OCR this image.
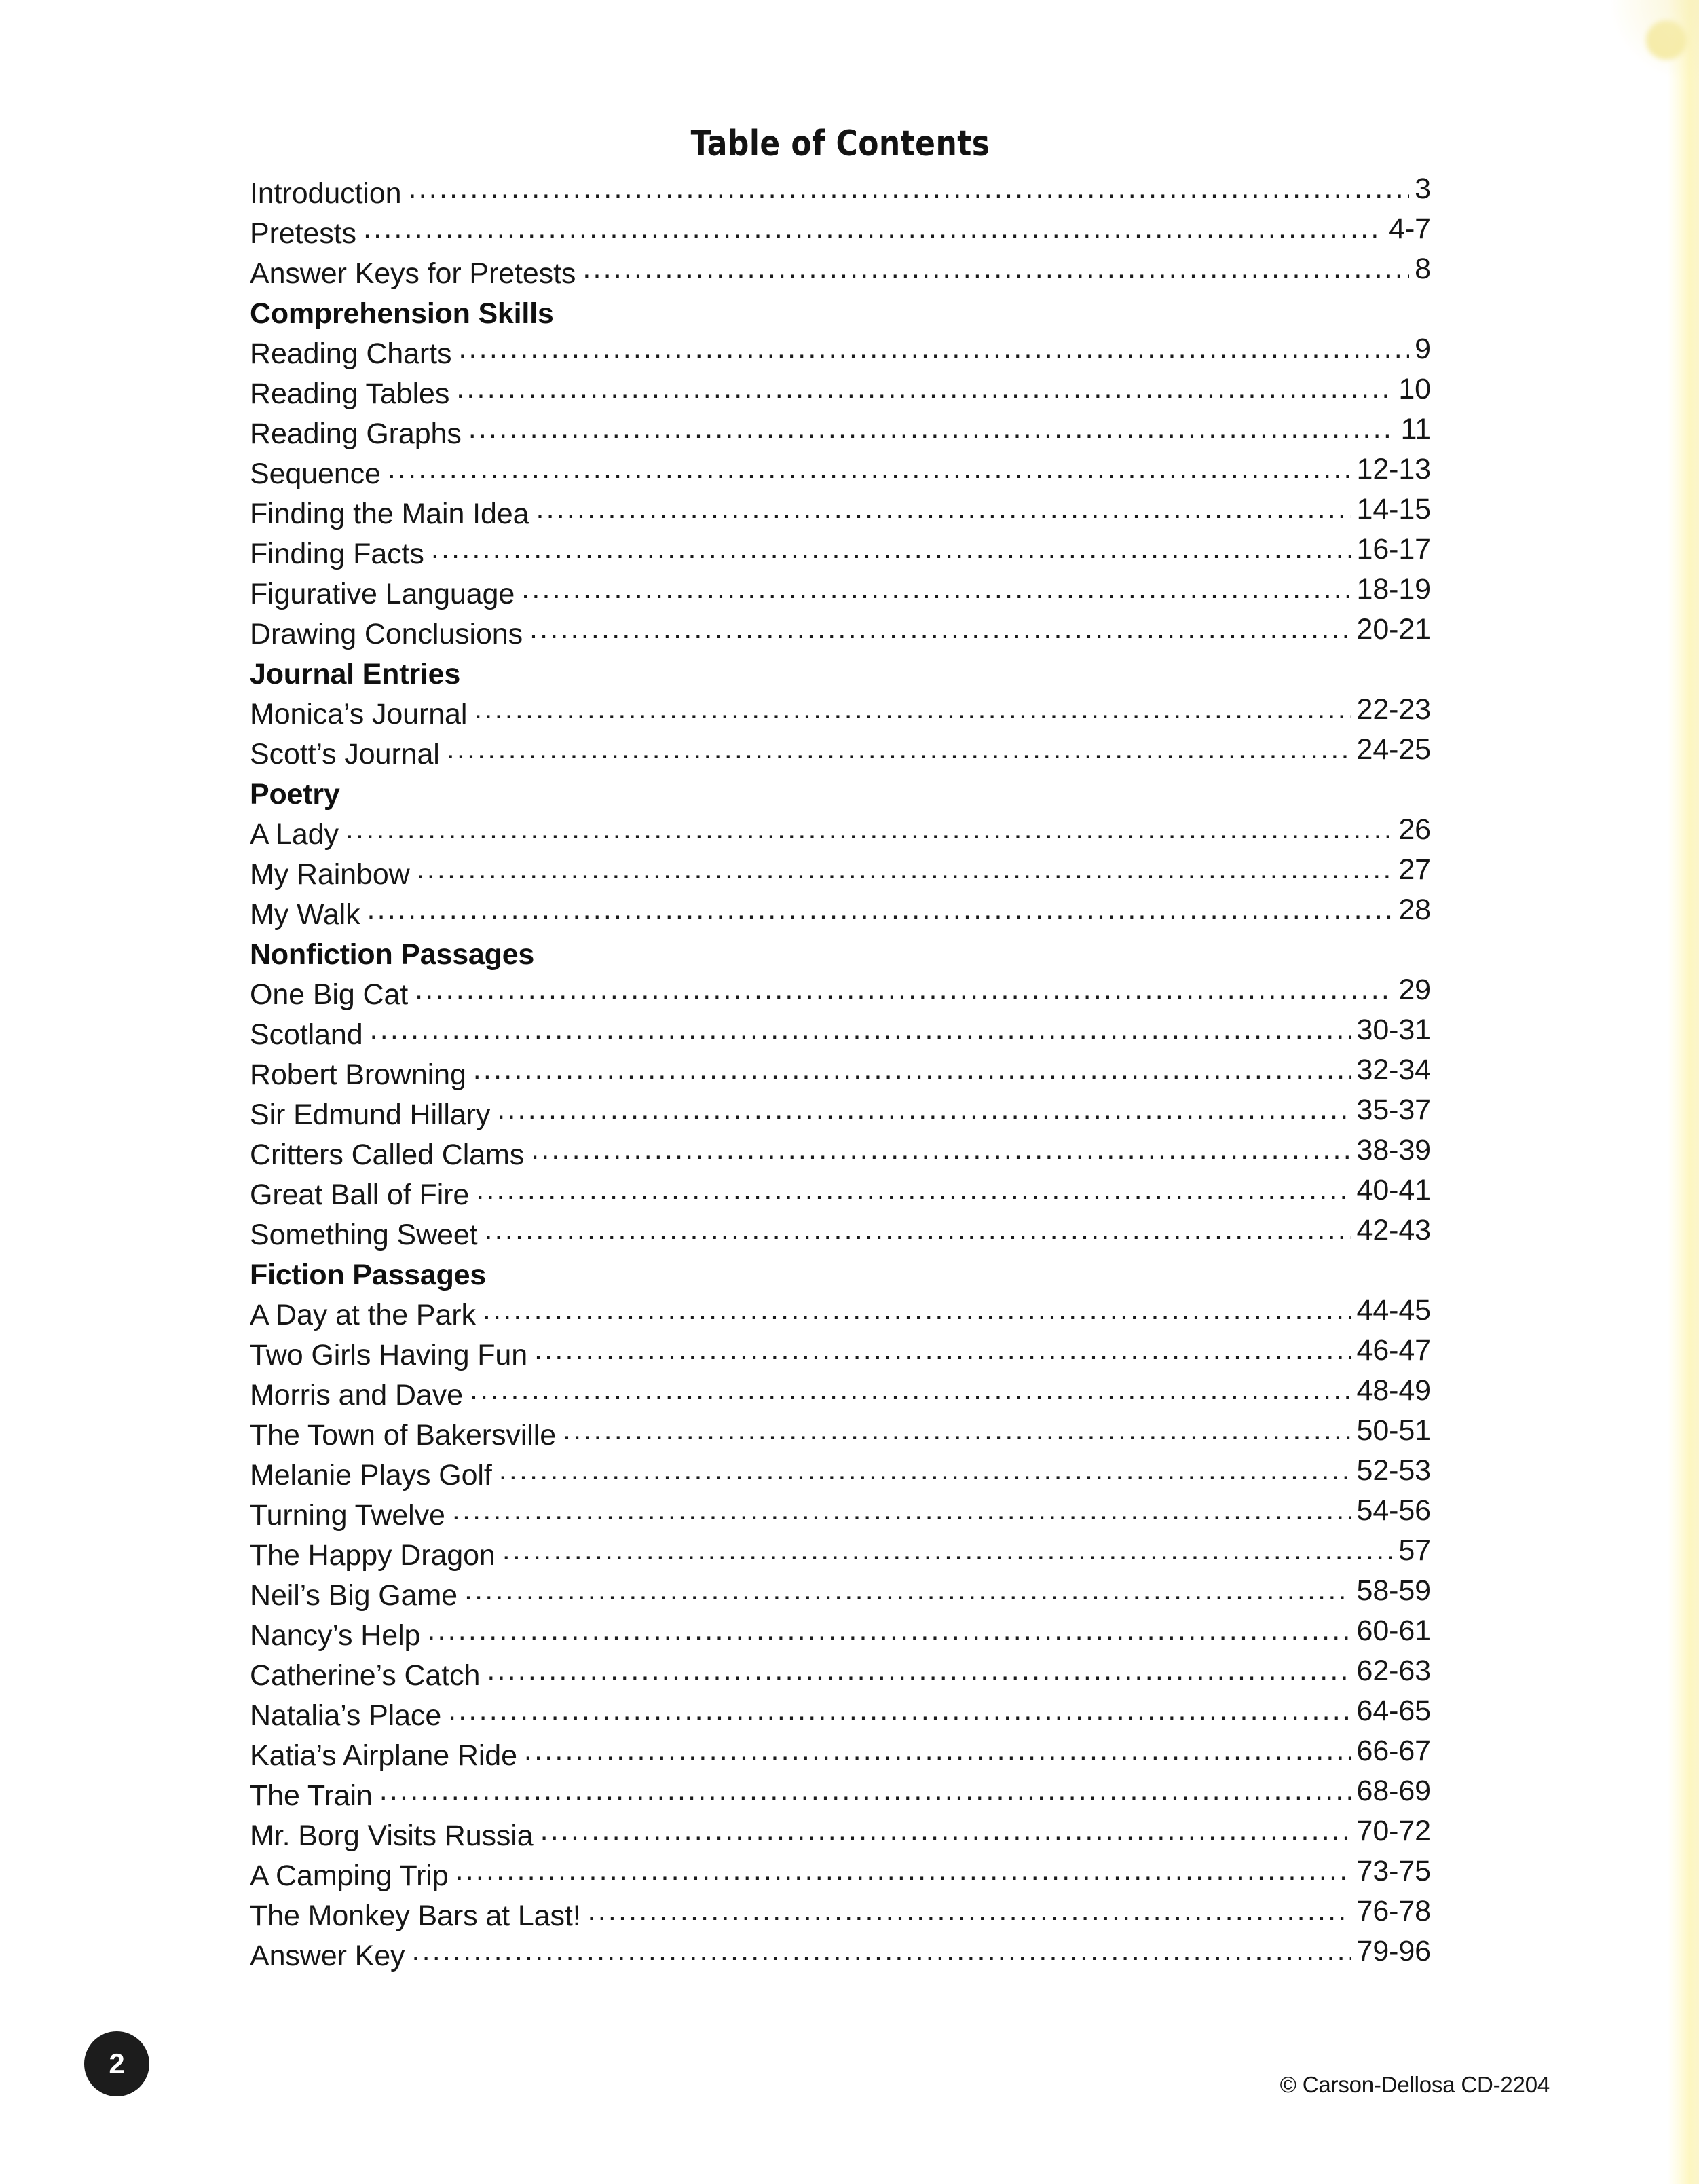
Table of Contents
Introduction .....	3
Pretests .....	4-7
Answer Keys for Pretests .....	8
Comprehension Skills
Reading Charts .....	9
Reading Tables .....	10
Reading Graphs .....	11
Sequence .....	12-13
Finding the Main Idea .....	14-15
Finding Facts .....	16-17
Figurative Language .....	18-19
Drawing Conclusions .....	20-21
Journal Entries
Monica’s Journal .....	22-23
Scott’s Journal .....	24-25
Poetry
A Lady .....	26
My Rainbow .....	27
My Walk .....	28
Nonfiction Passages
One Big Cat .....	29
Scotland .....	30-31
Robert Browning .....	32-34
Sir Edmund Hillary .....	35-37
Critters Called Clams .....	38-39
Great Ball of Fire .....	40-41
Something Sweet .....	42-43
Fiction Passages
A Day at the Park .....	44-45
Two Girls Having Fun .....	46-47
Morris and Dave .....	48-49
The Town of Bakersville .....	50-51
Melanie Plays Golf .....	52-53
Turning Twelve .....	54-56
The Happy Dragon .....	57
Neil’s Big Game .....	58-59
Nancy’s Help .....	60-61
Catherine’s Catch .....	62-63
Natalia’s Place .....	64-65
Katia’s Airplane Ride .....	66-67
The Train .....	68-69
Mr. Borg Visits Russia .....	70-72
A Camping Trip .....	73-75
The Monkey Bars at Last! .....	76-78
Answer Key .....	79-96
2
© Carson-Dellosa CD-2204
